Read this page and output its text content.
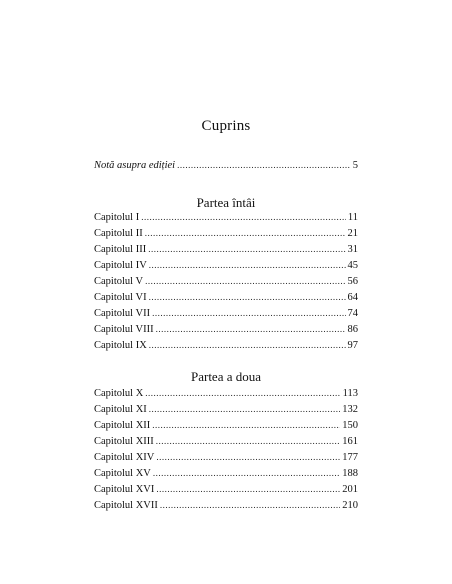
Cuprins
Notă asupra ediției .....	5
Partea întâi
Capitolul I .....	11
Capitolul II .....	21
Capitolul III .....	31
Capitolul IV .....	45
Capitolul V .....	56
Capitolul VI .....	64
Capitolul VII .....	74
Capitolul VIII .....	86
Capitolul IX .....	97
Partea a doua
Capitolul X .....	113
Capitolul XI .....	132
Capitolul XII .....	150
Capitolul XIII .....	161
Capitolul XIV .....	177
Capitolul XV .....	188
Capitolul XVI .....	201
Capitolul XVII .....	210
